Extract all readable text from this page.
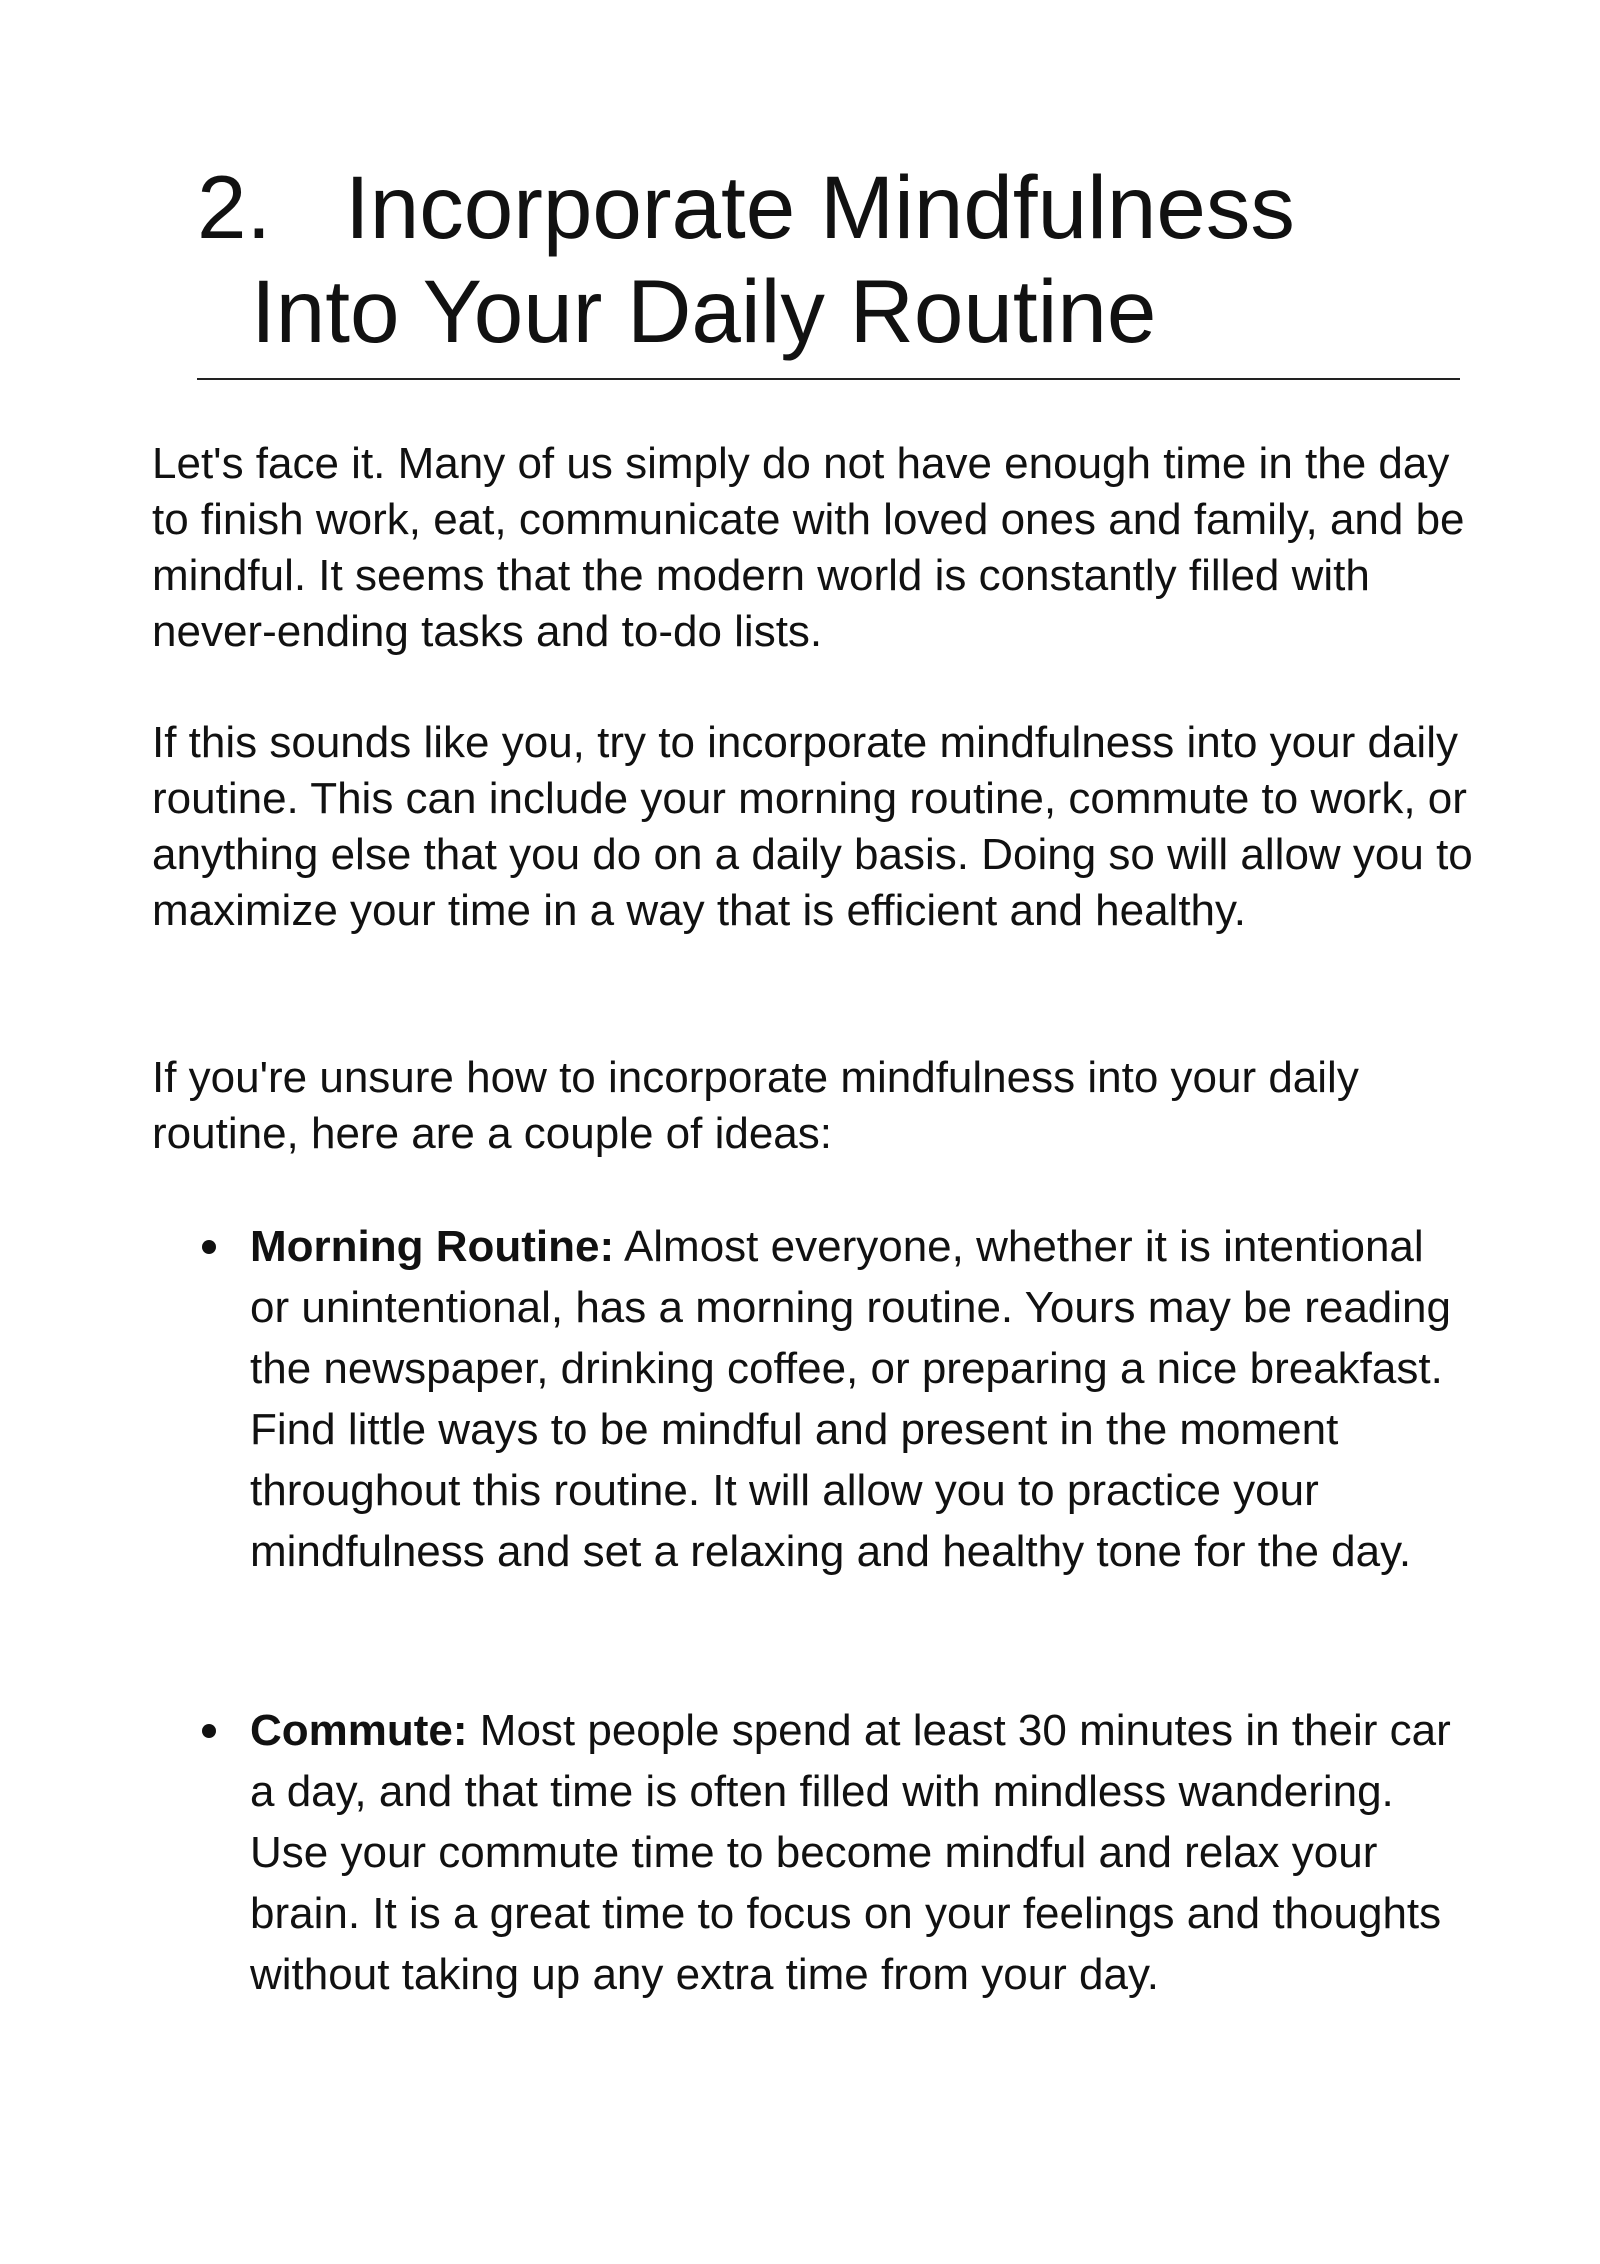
2. Incorporate Mindfulness
Into Your Daily Routine

Let's face it. Many of us simply do not have enough time in the day to finish work, eat, communicate with loved ones and family, and be mindful. It seems that the modern world is constantly filled with never-ending tasks and to-do lists.

If this sounds like you, try to incorporate mindfulness into your daily routine. This can include your morning routine, commute to work, or anything else that you do on a daily basis. Doing so will allow you to maximize your time in a way that is efficient and healthy.

If you're unsure how to incorporate mindfulness into your daily routine, here are a couple of ideas:

Morning Routine: Almost everyone, whether it is intentional or unintentional, has a morning routine. Yours may be reading the newspaper, drinking coffee, or preparing a nice breakfast. Find little ways to be mindful and present in the moment throughout this routine. It will allow you to practice your mindfulness and set a relaxing and healthy tone for the day.
Commute: Most people spend at least 30 minutes in their car a day, and that time is often filled with mindless wandering. Use your commute time to become mindful and relax your brain. It is a great time to focus on your feelings and thoughts without taking up any extra time from your day.
